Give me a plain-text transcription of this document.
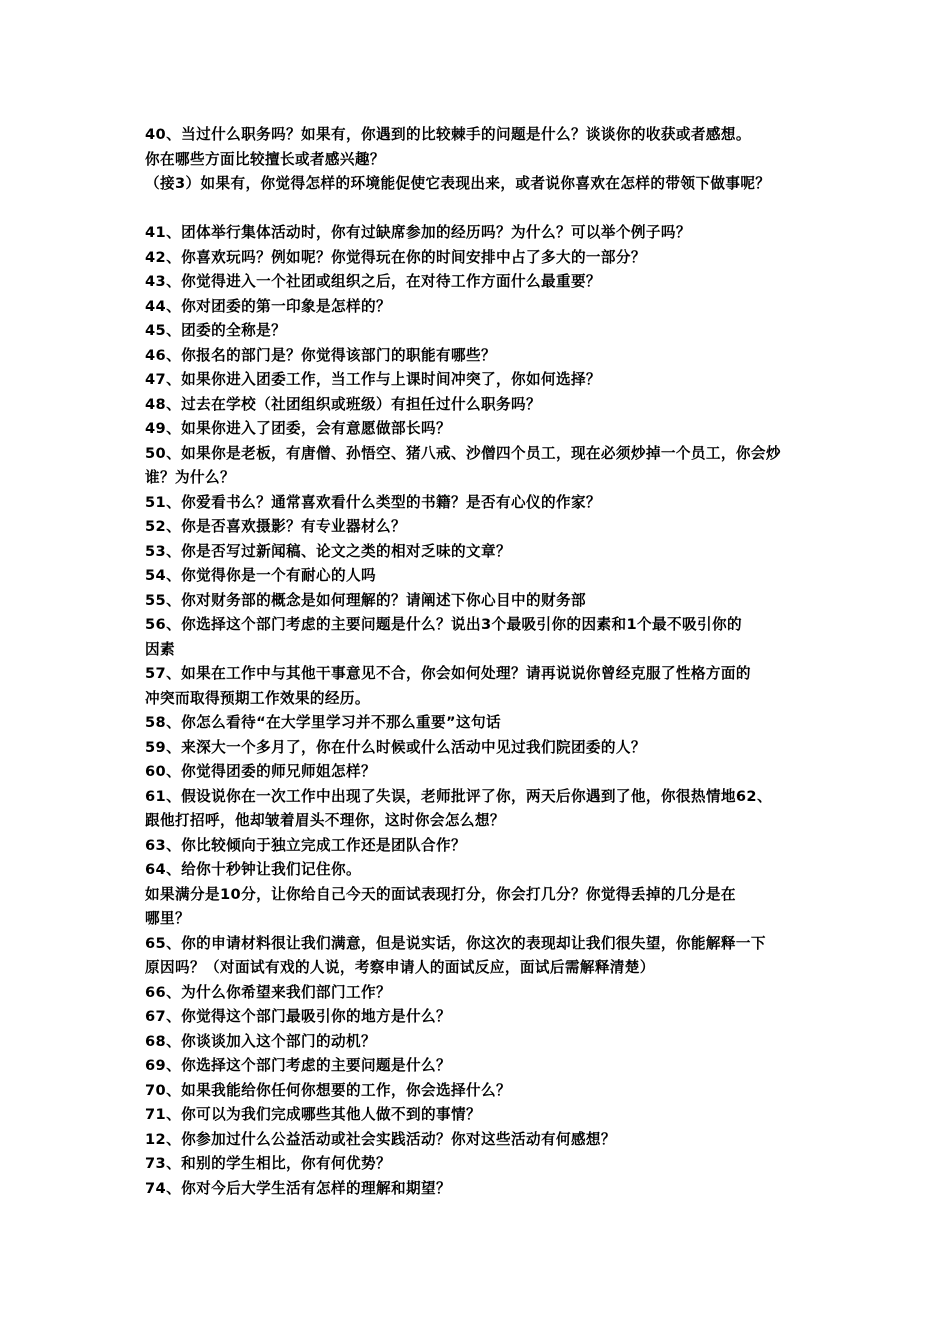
40、当过什么职务吗？如果有，你遇到的比较棘手的问题是什么？谈谈你的收获或者感想。
你在哪些方面比较擅长或者感兴趣？
（接3）如果有，你觉得怎样的环境能促使它表现出来，或者说你喜欢在怎样的带领下做事呢？
41、团体举行集体活动时，你有过缺席参加的经历吗？为什么？可以举个例子吗？
42、你喜欢玩吗？例如呢？你觉得玩在你的时间安排中占了多大的一部分？
43、你觉得进入一个社团或组织之后，在对待工作方面什么最重要？
44、你对团委的第一印象是怎样的？
45、团委的全称是？
46、你报名的部门是？你觉得该部门的职能有哪些？
47、如果你进入团委工作，当工作与上课时间冲突了，你如何选择？
48、过去在学校（社团组织或班级）有担任过什么职务吗？
49、如果你进入了团委，会有意愿做部长吗？
50、如果你是老板，有唐僧、孙悟空、猪八戒、沙僧四个员工，现在必须炒掉一个员工，你会炒
谁？为什么？
51、你爱看书么？通常喜欢看什么类型的书籍？是否有心仪的作家？
52、你是否喜欢摄影？有专业器材么？
53、你是否写过新闻稿、论文之类的相对乏味的文章？
54、你觉得你是一个有耐心的人吗
55、你对财务部的概念是如何理解的？请阐述下你心目中的财务部
56、你选择这个部门考虑的主要问题是什么？说出3个最吸引你的因素和1个最不吸引你的
因素
57、如果在工作中与其他干事意见不合，你会如何处理？请再说说你曾经克服了性格方面的
冲突而取得预期工作效果的经历。
58、你怎么看待“在大学里学习并不那么重要”这句话
59、来深大一个多月了，你在什么时候或什么活动中见过我们院团委的人？
60、你觉得团委的师兄师姐怎样？
61、假设说你在一次工作中出现了失误，老师批评了你，两天后你遇到了他，你很热情地62、
跟他打招呼，他却皱着眉头不理你，这时你会怎么想？
63、你比较倾向于独立完成工作还是团队合作？
64、给你十秒钟让我们记住你。
如果满分是10分，让你给自己今天的面试表现打分，你会打几分？你觉得丢掉的几分是在
哪里？
65、你的申请材料很让我们满意，但是说实话，你这次的表现却让我们很失望，你能解释一下
原因吗？（对面试有戏的人说，考察申请人的面试反应，面试后需解释清楚）
66、为什么你希望来我们部门工作？
67、你觉得这个部门最吸引你的地方是什么？
68、你谈谈加入这个部门的动机？
69、你选择这个部门考虑的主要问题是什么？
70、如果我能给你任何你想要的工作，你会选择什么？
71、你可以为我们完成哪些其他人做不到的事情？
12、你参加过什么公益活动或社会实践活动？你对这些活动有何感想？
73、和别的学生相比，你有何优势？
74、你对今后大学生活有怎样的理解和期望？
